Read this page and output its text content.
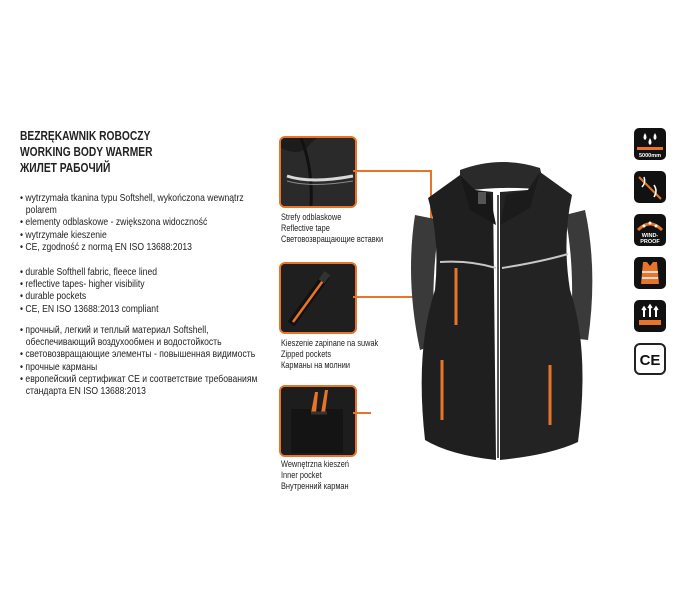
BEZRĘKAWNIK ROBOCZY
WORKING BODY WARMER
ЖИЛЕТ РАБОЧИЙ
• wytrzymała tkanina typu Softshell, wykończona wewnątrz
polarem
• elementy odblaskowe - zwiększona widoczność
• wytrzymałe kieszenie
• CE, zgodność z normą EN ISO 13688:2013
• durable Softhell fabric, fleece lined
• reflective tapes- higher visibility
• durable pockets
• CE, EN ISO 13688:2013 compliant
• прочный, легкий и теплый материал Softshell,
обеспечивающий воздухообмен и водостойкость
• световозвращающие элементы - повышенная видимость
• прочные карманы
• европейский сертификат CE и соответствие требованиям
стандарта EN ISO 13688:2013
Strefy odblaskowe
Reflective tape
Световозвращающие вставки
Kieszenie zapinane na suwak
Zipped pockets
Карманы на молнии
Wewnętrzna kieszeń
Inner pocket
Внутренний карман
5000mm
WIND-PROOF
CE
